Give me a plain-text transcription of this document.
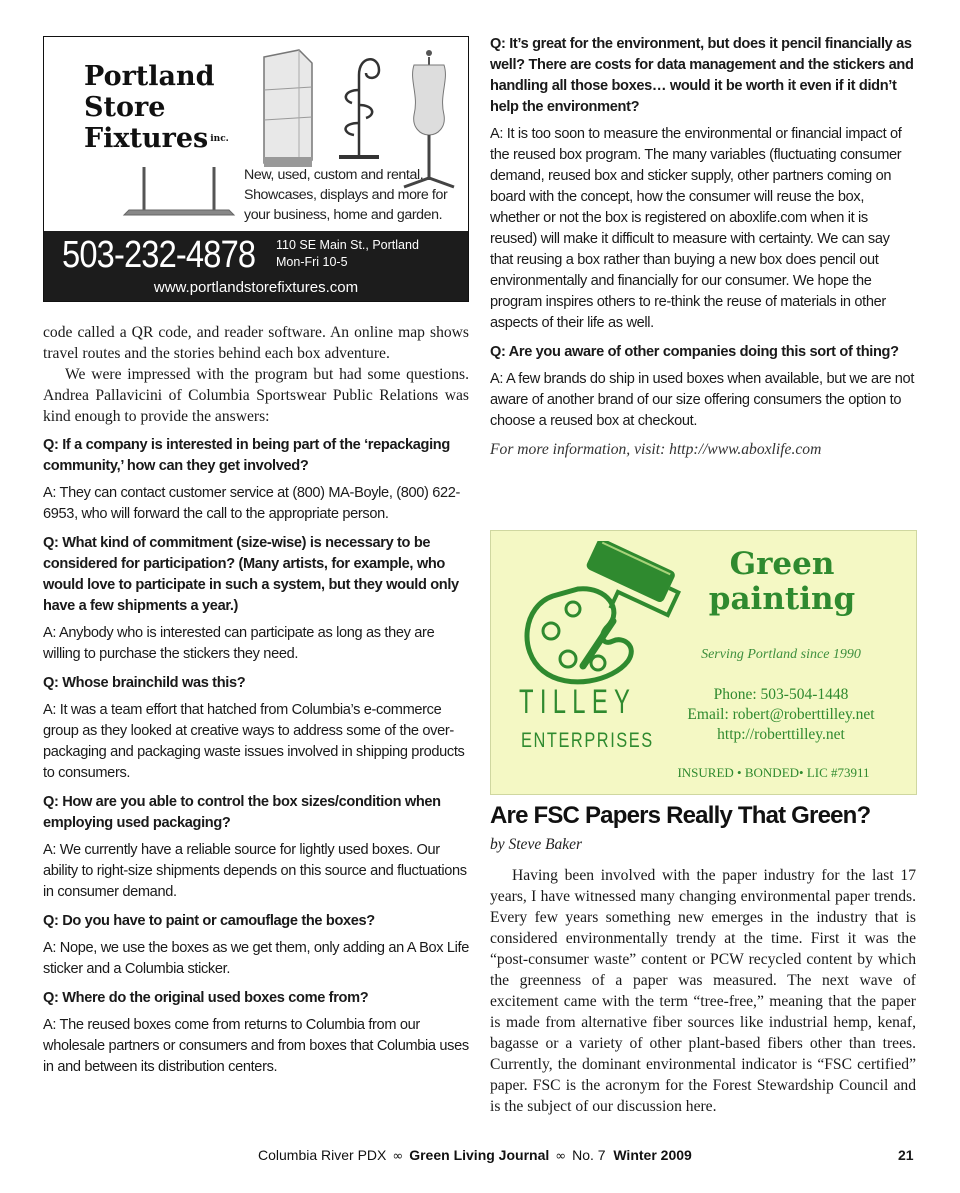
Portland
Store
Fixtures inc.
New, used, custom and rental.
Showcases, displays and more for
your business, home and garden.
503-232-4878 110 SE Main St., Portland
Mon-Fri 10-5
www.portlandstorefixtures.com

code called a QR code, and reader software. An online map shows travel routes and the stories behind each box adventure.

We were impressed with the program but had some questions. Andrea Pallavicini of Columbia Sportswear Public Relations was kind enough to provide the answers:

Q: If a company is interested in being part of the ‘repackaging community,’ how can they get involved?

A: They can contact customer service at (800) MA-Boyle, (800) 622-6953, who will forward the call to the appropriate person.

Q: What kind of commitment (size-wise) is necessary to be considered for participation? (Many artists, for example, who would love to participate in such a system, but they would only have a few shipments a year.)

A: Anybody who is interested can participate as long as they are willing to purchase the stickers they need.

Q: Whose brainchild was this?

A: It was a team effort that hatched from Columbia’s e-commerce group as they looked at creative ways to address some of the over-packaging and packaging waste issues involved in shipping products to consumers.

Q: How are you able to control the box sizes/condition when employing used packaging?

A: We currently have a reliable source for lightly used boxes. Our ability to right-size shipments depends on this source and fluctuations in consumer demand.

Q: Do you have to paint or camouflage the boxes?

A: Nope, we use the boxes as we get them, only adding an A Box Life sticker and a Columbia sticker.

Q: Where do the original used boxes come from?

A: The reused boxes come from returns to Columbia from our wholesale partners or consumers and from boxes that Columbia uses in and between its distribution centers.

Q: It’s great for the environment, but does it pencil financially as well? There are costs for data management and the stickers and handling all those boxes… would it be worth it even if it didn’t help the environment?

A: It is too soon to measure the environmental or financial impact of the reused box program. The many variables (fluctuating consumer demand, reused box and sticker supply, other partners coming on board with the concept, how the consumer will reuse the box, whether or not the box is registered on aboxlife.com when it is reused) will make it difficult to measure with certainty. We can say that reusing a box rather than buying a new box does pencil out environmentally and financially for our consumer. We hope the program inspires others to re-think the reuse of materials in other aspects of their life as well.

Q: Are you aware of other companies doing this sort of thing?

A: A few brands do ship in used boxes when available, but we are not aware of another brand of our size offering consumers the option to choose a reused box at checkout.

For more information, visit: http://www.aboxlife.com

TILLEY
ENTERPRISES
Green
painting
Serving Portland since 1990
Phone: 503-504-1448
Email: robert@roberttilley.net
http://roberttilley.net
INSURED • BONDED• LIC #73911
Are FSC Papers Really That Green?
by Steve Baker

Having been involved with the paper industry for the last 17 years, I have witnessed many changing environmental paper trends. Every few years something new emerges in the industry that is considered environmentally trendy at the time. First it was the “post-consumer waste” content or PCW recycled content by which the greenness of a paper was measured. The next wave of excitement came with the term “tree-free,” meaning that the paper is made from alternative fiber sources like industrial hemp, kenaf, bagasse or a variety of other plant-based fibers other than trees. Currently, the dominant environmental indicator is “FSC certified” paper. FSC is the acronym for the Forest Stewardship Council and is the subject of our discussion here.

Columbia River PDX ∞ Green Living Journal ∞ No. 7 Winter 2009	21
